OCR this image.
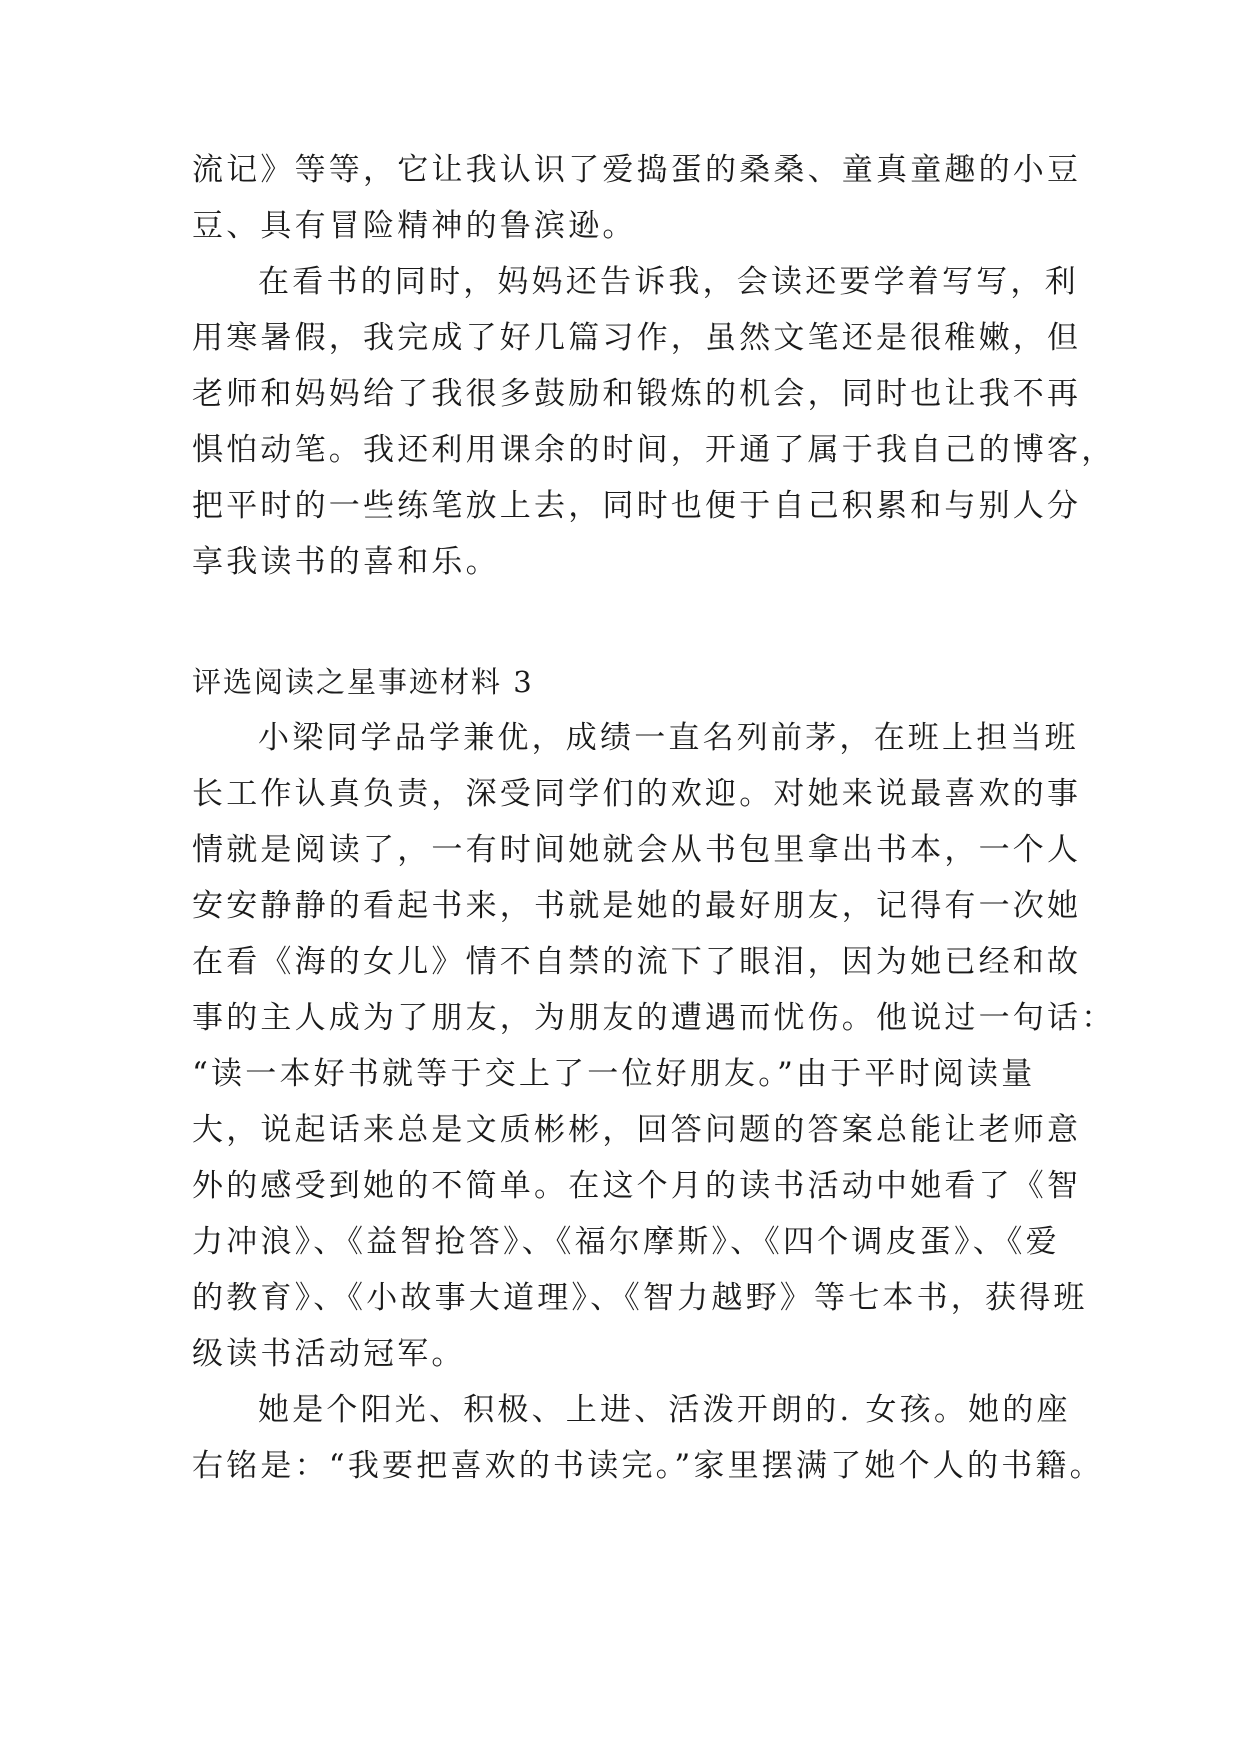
流记》等等，它让我认识了爱捣蛋的桑桑、童真童趣的小豆
豆、具有冒险精神的鲁滨逊。
在看书的同时，妈妈还告诉我，会读还要学着写写，利
用寒暑假，我完成了好几篇习作，虽然文笔还是很稚嫩，但
老师和妈妈给了我很多鼓励和锻炼的机会，同时也让我不再
惧怕动笔。我还利用课余的时间，开通了属于我自己的博客，
把平时的一些练笔放上去，同时也便于自己积累和与别人分
享我读书的喜和乐。
评选阅读之星事迹材料 3
小梁同学品学兼优，成绩一直名列前茅，在班上担当班
长工作认真负责，深受同学们的欢迎。对她来说最喜欢的事
情就是阅读了，一有时间她就会从书包里拿出书本，一个人
安安静静的看起书来，书就是她的最好朋友，记得有一次她
在看《海的女儿》情不自禁的流下了眼泪，因为她已经和故
事的主人成为了朋友，为朋友的遭遇而忧伤。他说过一句话：
“读一本好书就等于交上了一位好朋友。”由于平时阅读量
大，说起话来总是文质彬彬，回答问题的答案总能让老师意
外的感受到她的不简单。在这个月的读书活动中她看了《智
力冲浪》、《益智抢答》、《福尔摩斯》、《四个调皮蛋》、《爱
的教育》、《小故事大道理》、《智力越野》等七本书，获得班
级读书活动冠军。
她是个阳光、积极、上进、活泼开朗的. 女孩。她的座
右铭是：“我要把喜欢的书读完。”家里摆满了她个人的书籍。
